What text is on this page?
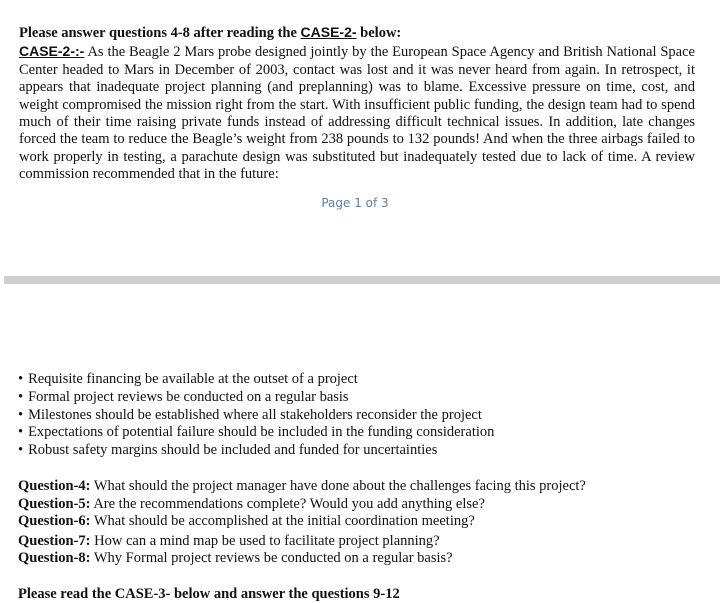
Please answer questions 4-8 after reading the CASE-2- below:
CASE-2-:- As the Beagle 2 Mars probe designed jointly by the European Space Agency and British National Space Center headed to Mars in December of 2003, contact was lost and it was never heard from again. In retrospect, it appears that inadequate project planning (and preplanning) was to blame. Excessive pressure on time, cost, and weight compromised the mission right from the start. With insufficient public funding, the design team had to spend much of their time raising private funds instead of addressing difficult technical issues. In addition, late changes forced the team to reduce the Beagle’s weight from 238 pounds to 132 pounds! And when the three airbags failed to work properly in testing, a parachute design was substituted but inadequately tested due to lack of time. A review commission recommended that in the future:
Page 1 of 3
• Requisite financing be available at the outset of a project
• Formal project reviews be conducted on a regular basis
• Milestones should be established where all stakeholders reconsider the project
• Expectations of potential failure should be included in the funding consideration
• Robust safety margins should be included and funded for uncertainties
Question-4: What should the project manager have done about the challenges facing this project?
Question-5: Are the recommendations complete? Would you add anything else?
Question-6: What should be accomplished at the initial coordination meeting?
Question-7: How can a mind map be used to facilitate project planning?
Question-8: Why Formal project reviews be conducted on a regular basis?
Please read the CASE-3- below and answer the questions 9-12
